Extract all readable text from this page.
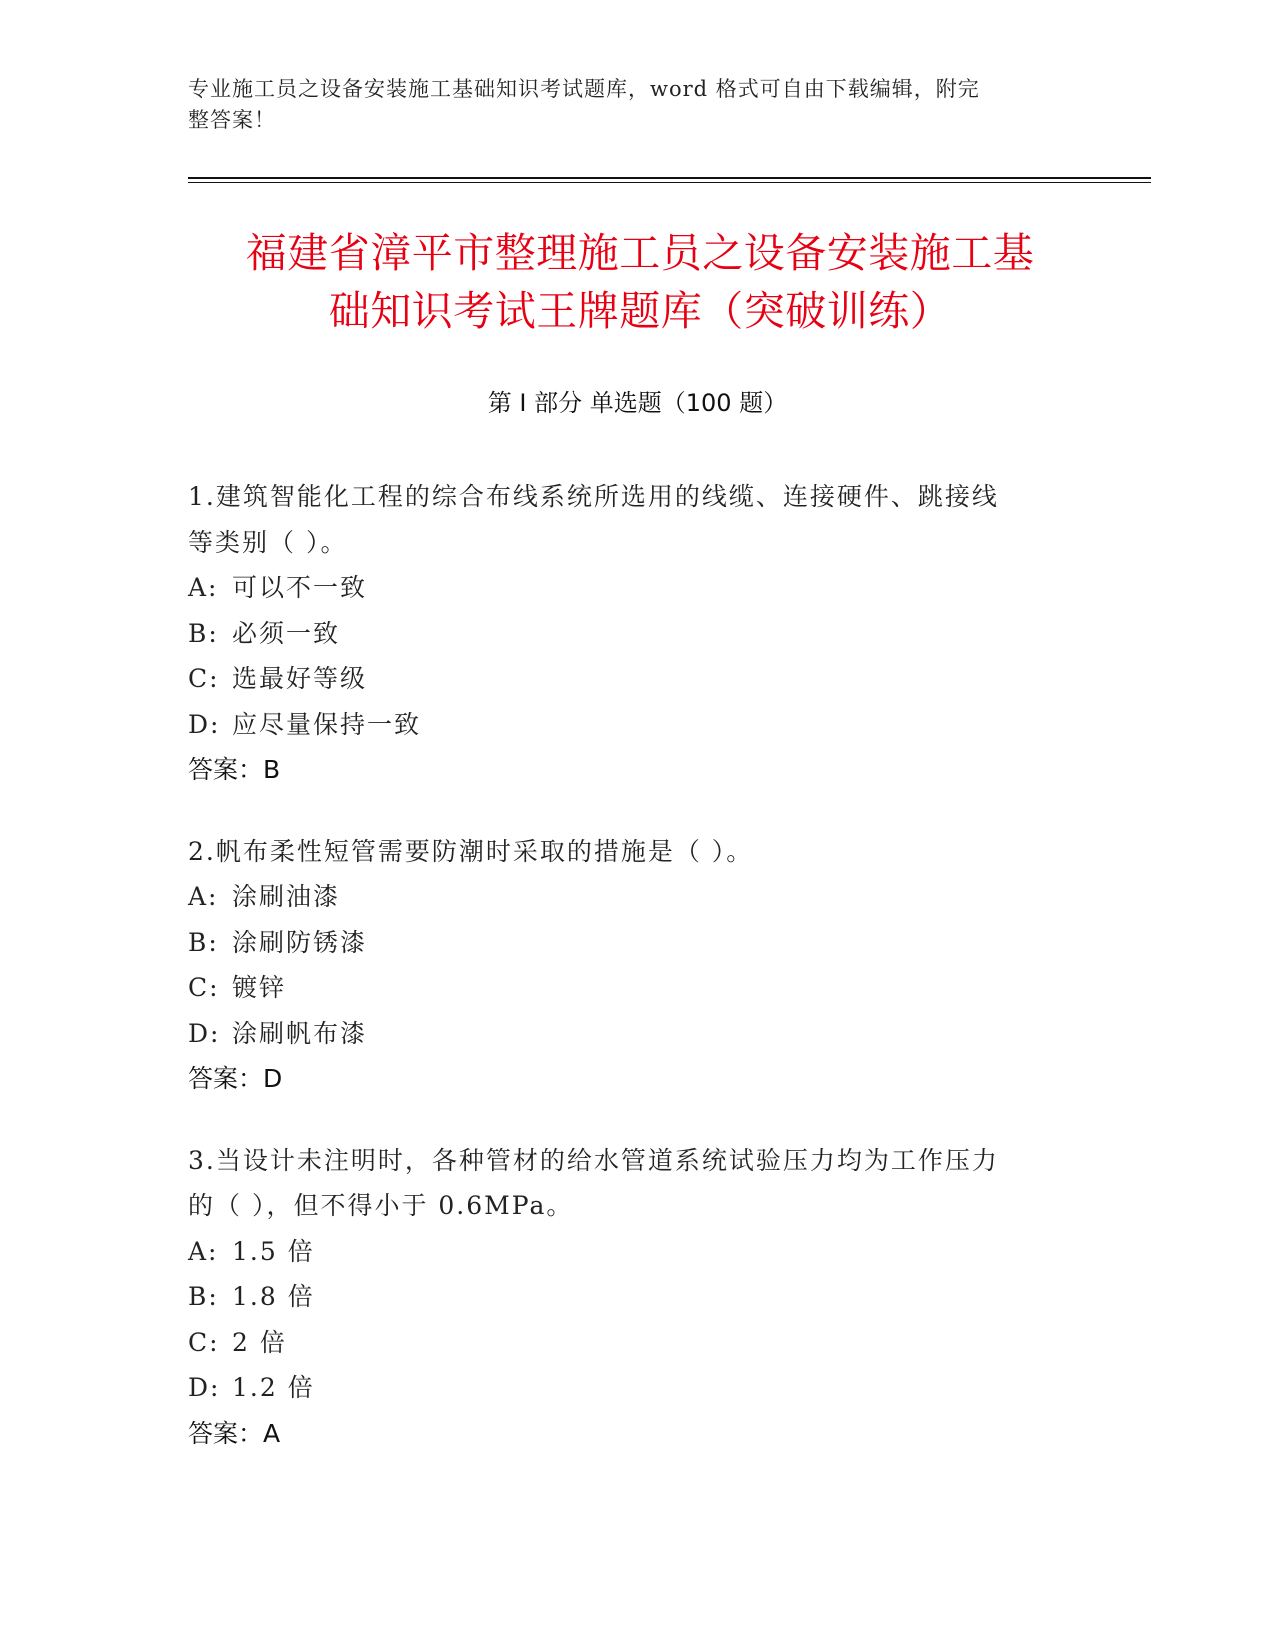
专业施工员之设备安装施工基础知识考试题库，word 格式可自由下载编辑，附完
整答案！
福建省漳平市整理施工员之设备安装施工基
础知识考试王牌题库（突破训练）
第 I 部分 单选题（100 题）
1.建筑智能化工程的综合布线系统所选用的线缆、连接硬件、跳接线
等类别（ ）。
A: 可以不一致
B: 必须一致
C: 选最好等级
D: 应尽量保持一致
答案：B
2.帆布柔性短管需要防潮时采取的措施是（ ）。
A: 涂刷油漆
B: 涂刷防锈漆
C: 镀锌
D: 涂刷帆布漆
答案：D
3.当设计未注明时，各种管材的给水管道系统试验压力均为工作压力
的（ ），但不得小于 0.6MPa。
A: 1.5 倍
B: 1.8 倍
C: 2 倍
D: 1.2 倍
答案：A
